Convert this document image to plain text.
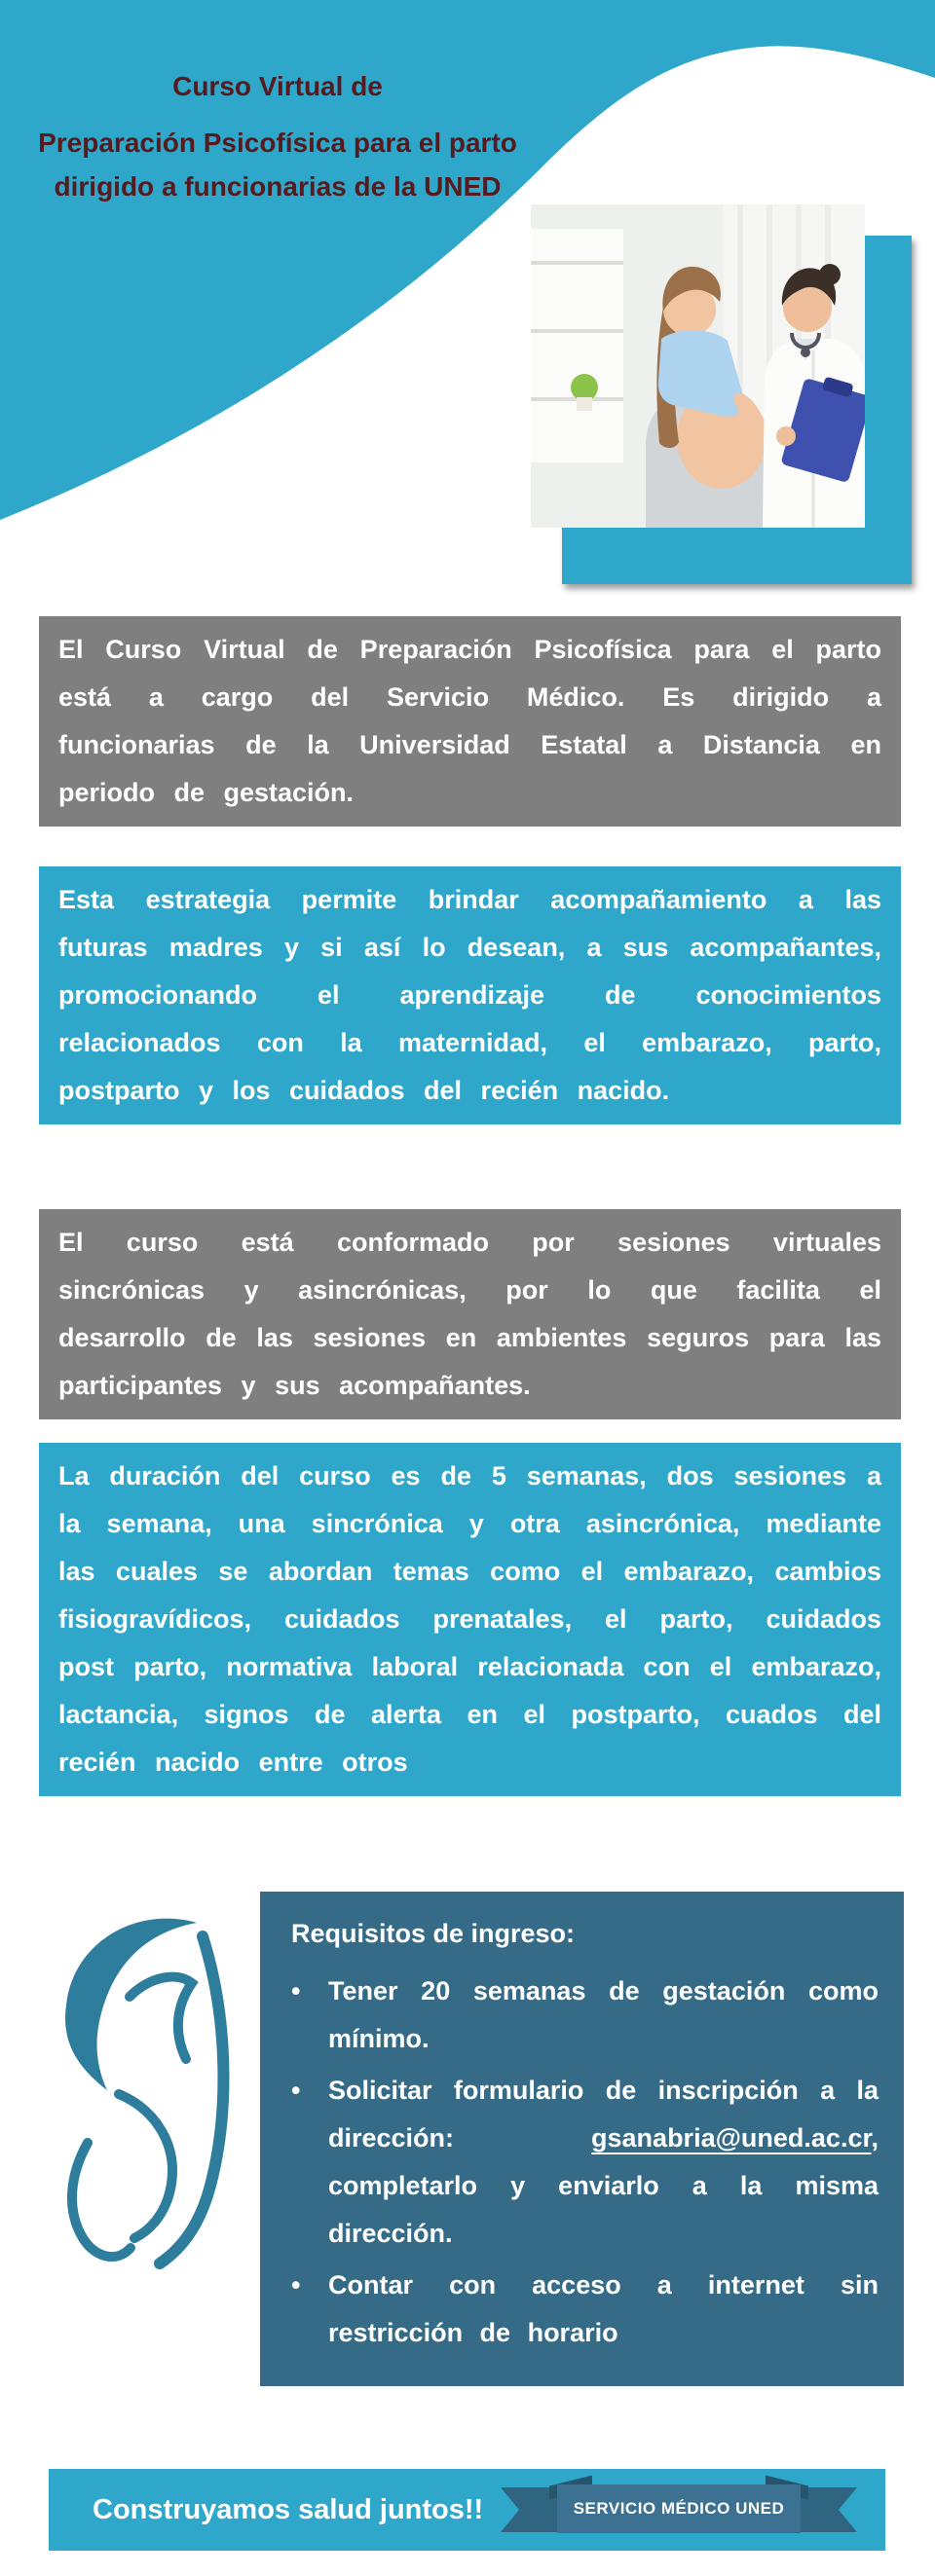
Curso Virtual de

Preparación Psicofísica para el parto

dirigido a funcionarias de la UNED

El Curso Virtual de Preparación Psicofísica para el parto está a cargo del Servicio Médico. Es dirigido a funcionarias de la Universidad Estatal a Distancia en periodo de gestación.
Esta estrategia permite brindar acompañamiento a las futuras madres y si así lo desean, a sus acompañantes, promocionando el aprendizaje de conocimientos relacionados con la maternidad, el embarazo, parto, postparto y los cuidados del recién nacido.
El curso está conformado por sesiones virtuales sincrónicas y asincrónicas, por lo que facilita el desarrollo de las sesiones en ambientes seguros para las participantes y sus acompañantes.
La duración del curso es de 5 semanas, dos sesiones a la semana, una sincrónica y otra asincrónica, mediante las cuales se abordan temas como el embarazo, cambios fisiogravídicos, cuidados prenatales, el parto, cuidados post parto, normativa laboral relacionada con el embarazo, lactancia, signos de alerta en el postparto, cuados del recién nacido entre otros

Requisitos de ingreso:

•	Tener 20 semanas de gestación como mínimo.
•	Solicitar formulario de inscripción a la dirección: gsanabria@uned.ac.cr, completarlo y enviarlo a la misma dirección.
•	Contar con acceso a internet sin restricción de horario
Construyamos salud juntos!!	SERVICIO MÉDICO UNED
